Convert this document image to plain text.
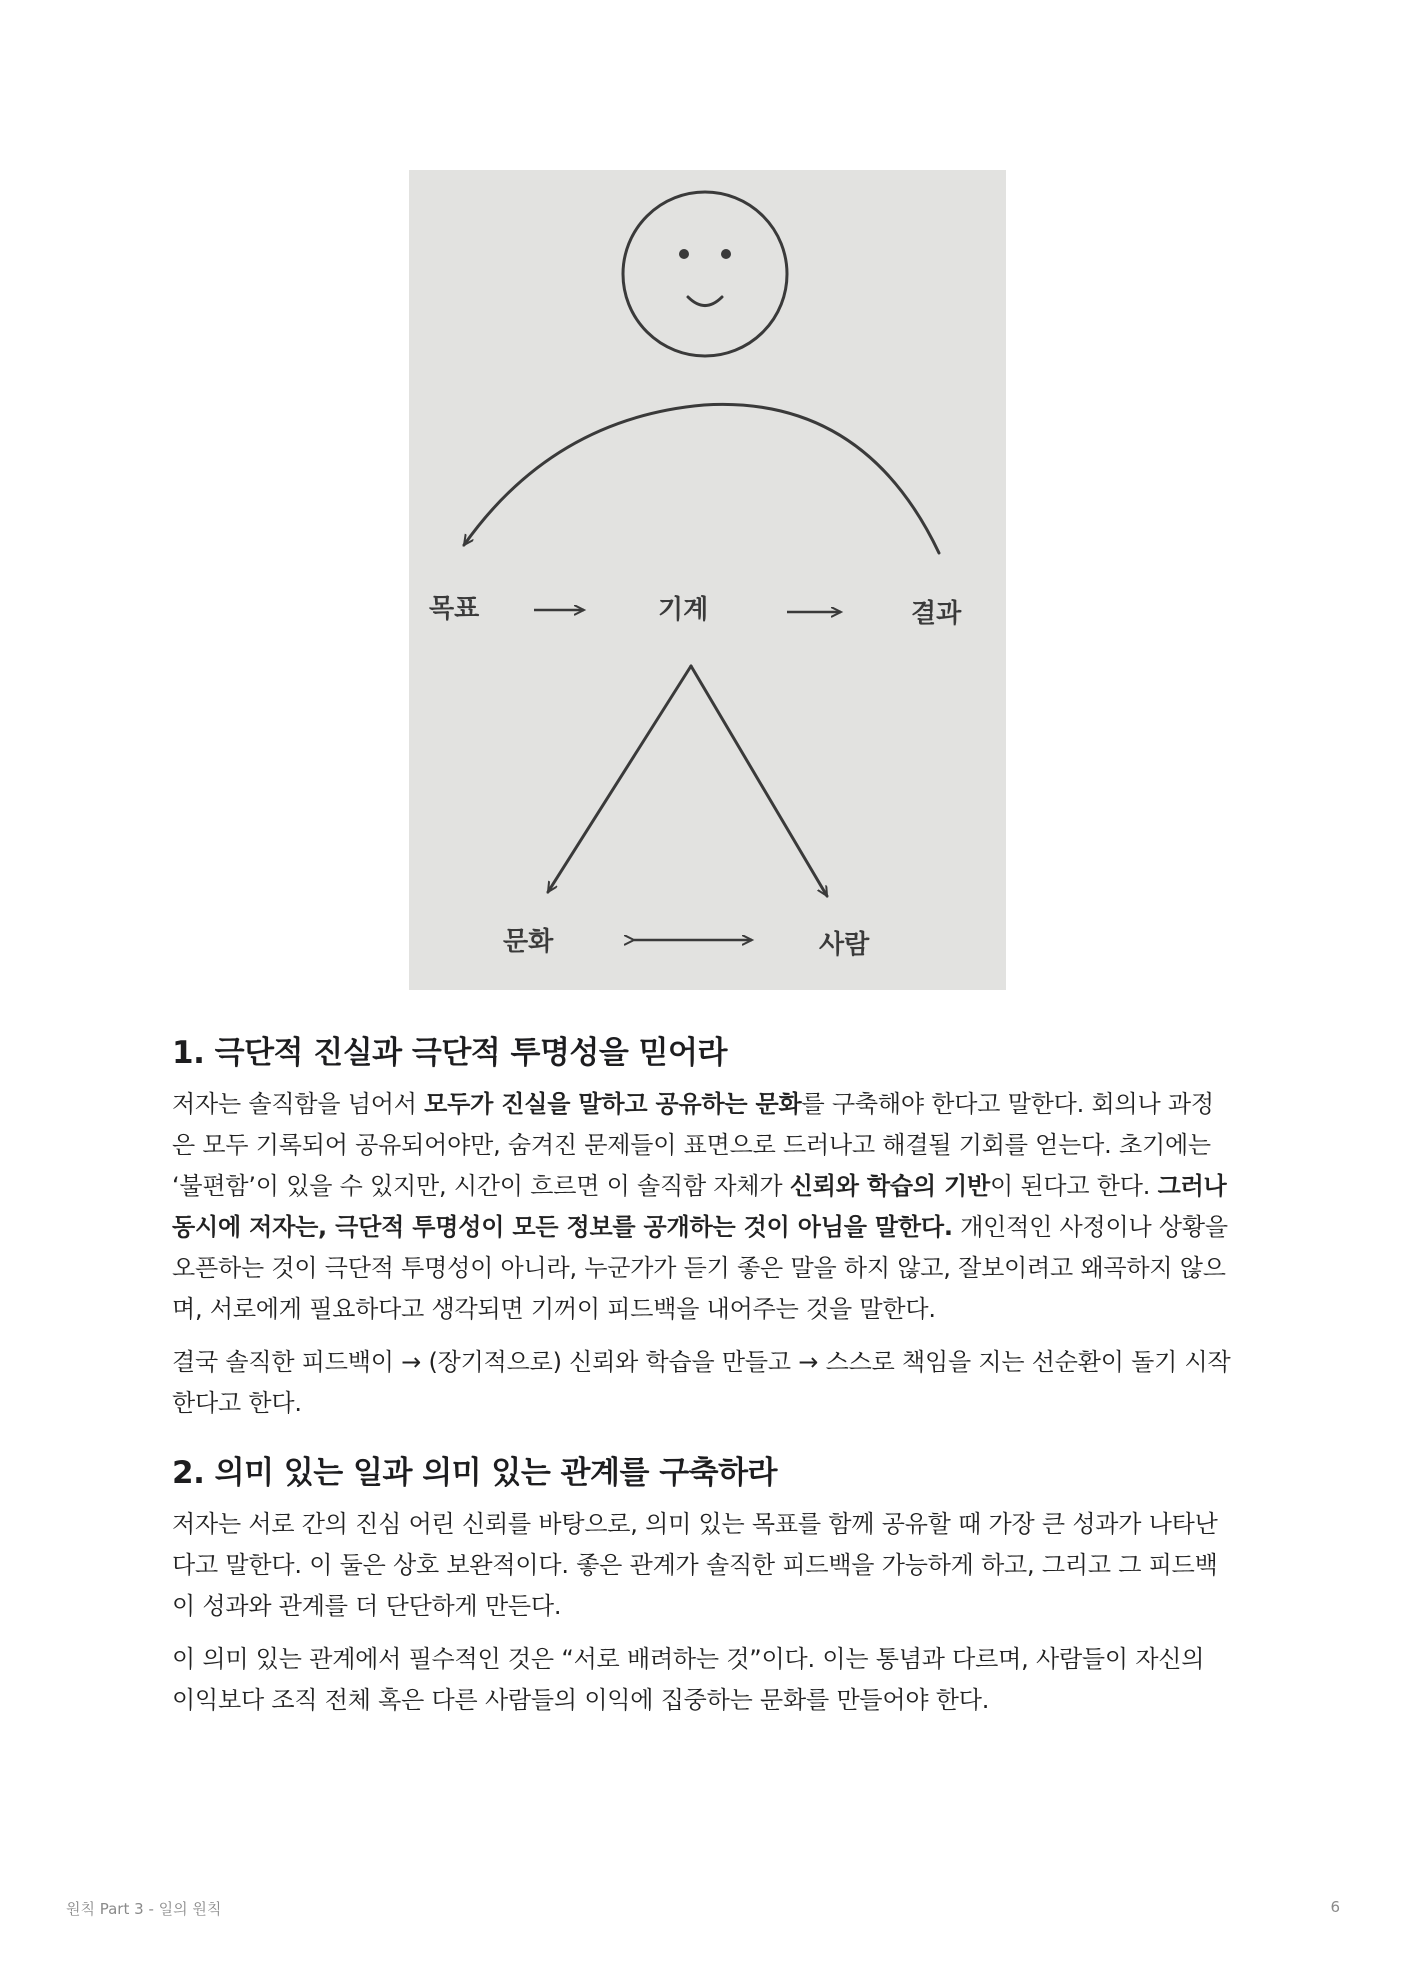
목표	기계	결과
문화	사람
1. 극단적 진실과 극단적 투명성을 믿어라

저자는 솔직함을 넘어서 모두가 진실을 말하고 공유하는 문화를 구축해야 한다고 말한다. 회의나 과정은 모두 기록되어 공유되어야만, 숨겨진 문제들이 표면으로 드러나고 해결될 기회를 얻는다. 초기에는 ‘불편함’이 있을 수 있지만, 시간이 흐르면 이 솔직함 자체가 신뢰와 학습의 기반이 된다고 한다. 그러나 동시에 저자는, 극단적 투명성이 모든 정보를 공개하는 것이 아님을 말한다. 개인적인 사정이나 상황을 오픈하는 것이 극단적 투명성이 아니라, 누군가가 듣기 좋은 말을 하지 않고, 잘보이려고 왜곡하지 않으며, 서로에게 필요하다고 생각되면 기꺼이 피드백을 내어주는 것을 말한다.

결국 솔직한 피드백이 → (장기적으로) 신뢰와 학습을 만들고 → 스스로 책임을 지는 선순환이 돌기 시작한다고 한다.

2. 의미 있는 일과 의미 있는 관계를 구축하라

저자는 서로 간의 진심 어린 신뢰를 바탕으로, 의미 있는 목표를 함께 공유할 때 가장 큰 성과가 나타난다고 말한다. 이 둘은 상호 보완적이다. 좋은 관계가 솔직한 피드백을 가능하게 하고, 그리고 그 피드백이 성과와 관계를 더 단단하게 만든다.

이 의미 있는 관계에서 필수적인 것은 “서로 배려하는 것”이다. 이는 통념과 다르며, 사람들이 자신의 이익보다 조직 전체 혹은 다른 사람들의 이익에 집중하는 문화를 만들어야 한다.

원칙 Part 3 - 일의 원칙	6
